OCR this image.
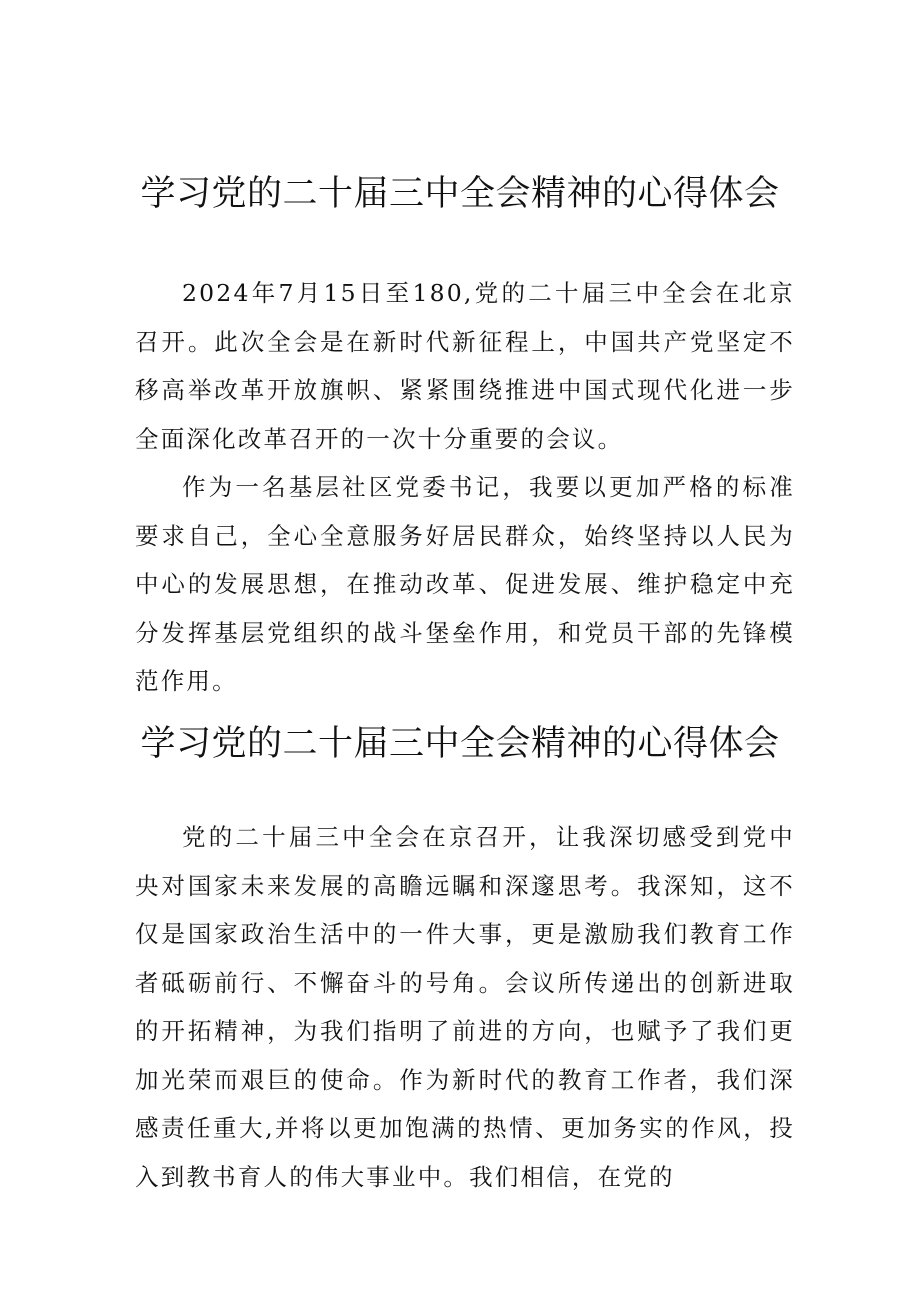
学习党的二十届三中全会精神的心得体会

2024年7月15日至180,党的二十届三中全会在北京召开。此次全会是在新时代新征程上，中国共产党坚定不移高举改革开放旗帜、紧紧围绕推进中国式现代化进一步全面深化改革召开的一次十分重要的会议。

作为一名基层社区党委书记，我要以更加严格的标准要求自己，全心全意服务好居民群众，始终坚持以人民为中心的发展思想，在推动改革、促进发展、维护稳定中充分发挥基层党组织的战斗堡垒作用，和党员干部的先锋模范作用。

学习党的二十届三中全会精神的心得体会

党的二十届三中全会在京召开，让我深切感受到党中央对国家未来发展的高瞻远瞩和深邃思考。我深知，这不仅是国家政治生活中的一件大事，更是激励我们教育工作者砥砺前行、不懈奋斗的号角。会议所传递出的创新进取的开拓精神，为我们指明了前进的方向，也赋予了我们更加光荣而艰巨的使命。作为新时代的教育工作者，我们深感责任重大,并将以更加饱满的热情、更加务实的作风，投入到教书育人的伟大事业中。我们相信，在党的
